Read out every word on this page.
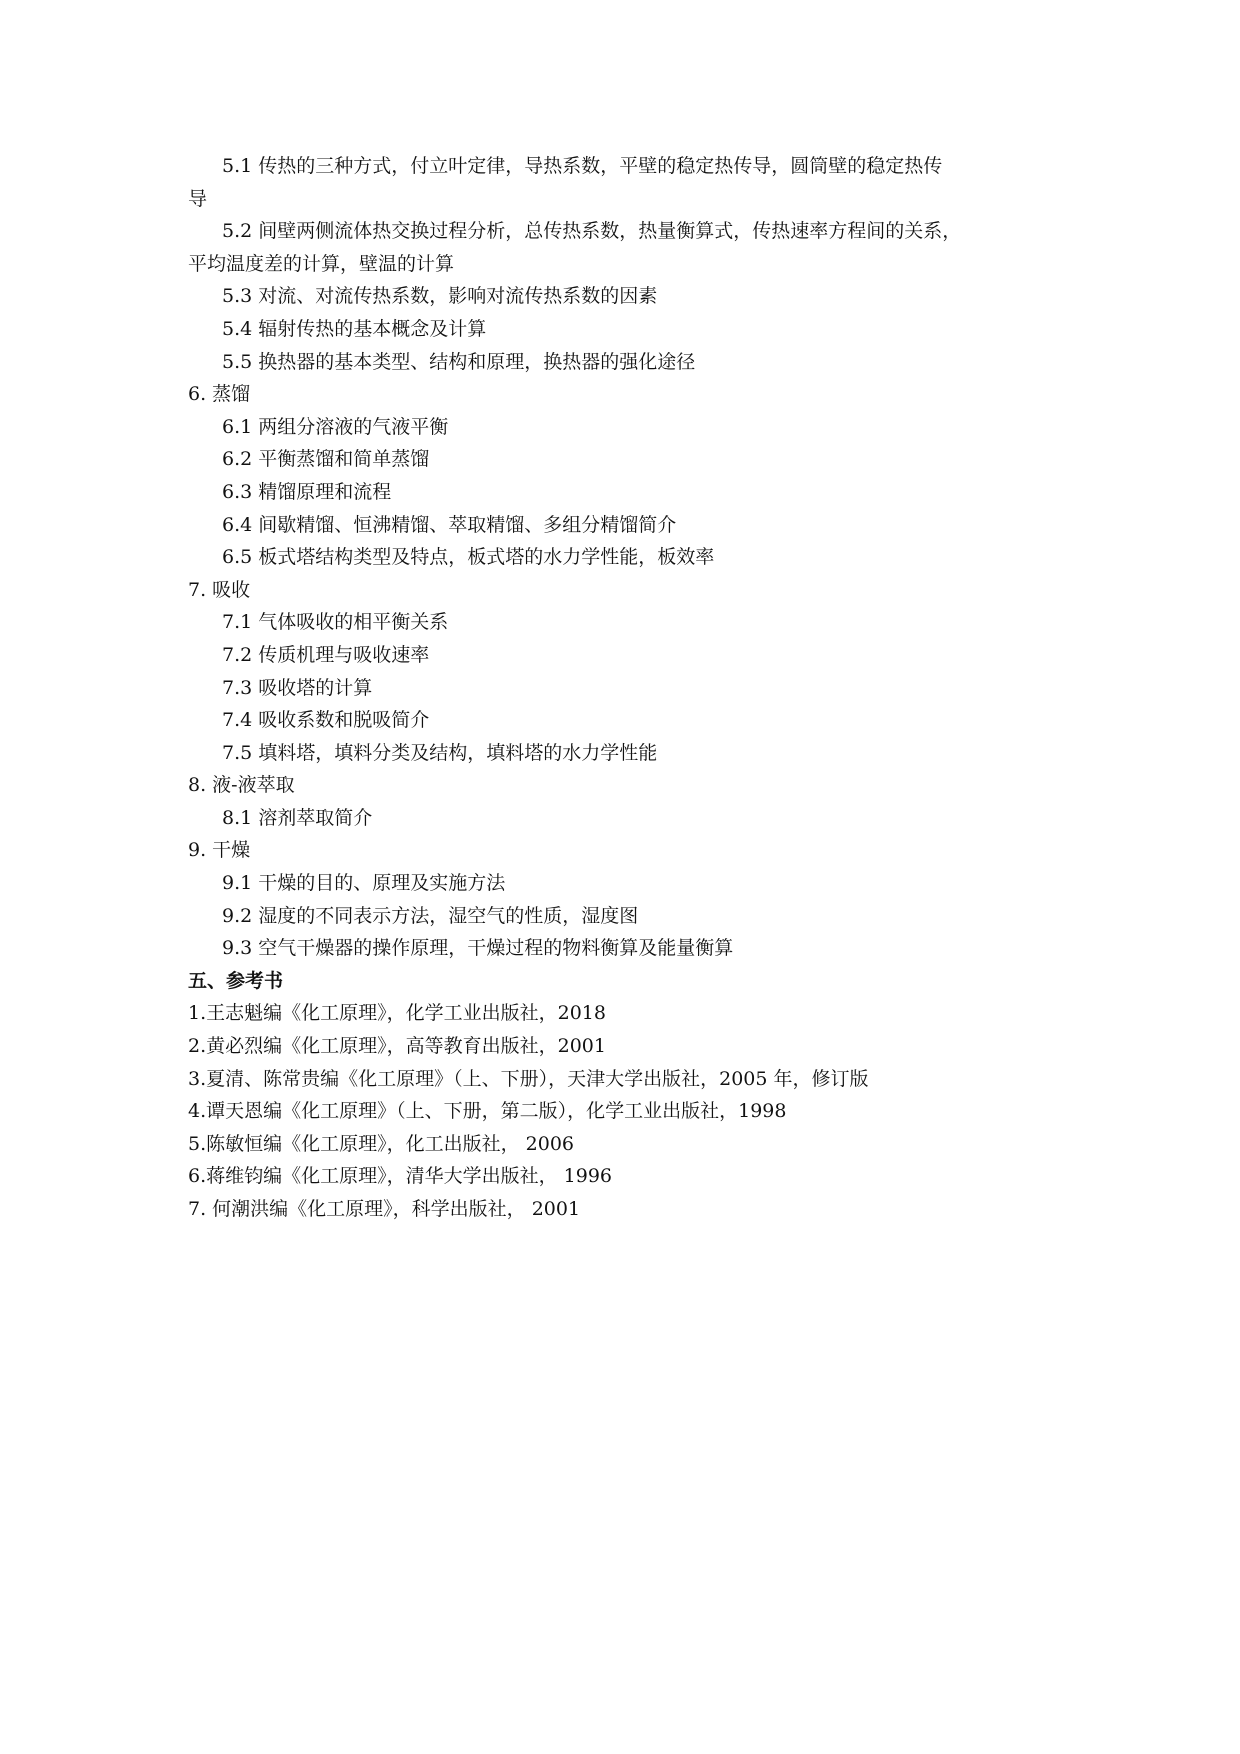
5.1 传热的三种方式，付立叶定律，导热系数，平壁的稳定热传导，圆筒壁的稳定热传
导
5.2 间壁两侧流体热交换过程分析，总传热系数，热量衡算式，传热速率方程间的关系，
平均温度差的计算，壁温的计算
5.3 对流、对流传热系数，影响对流传热系数的因素
5.4 辐射传热的基本概念及计算
5.5 换热器的基本类型、结构和原理，换热器的强化途径
6. 蒸馏
6.1 两组分溶液的气液平衡
6.2 平衡蒸馏和简单蒸馏
6.3 精馏原理和流程
6.4 间歇精馏、恒沸精馏、萃取精馏、多组分精馏简介
6.5 板式塔结构类型及特点，板式塔的水力学性能，板效率
7. 吸收
7.1 气体吸收的相平衡关系
7.2 传质机理与吸收速率
7.3 吸收塔的计算
7.4 吸收系数和脱吸简介
7.5 填料塔，填料分类及结构，填料塔的水力学性能
8. 液-液萃取
8.1 溶剂萃取简介
9. 干燥
9.1 干燥的目的、原理及实施方法
9.2 湿度的不同表示方法，湿空气的性质，湿度图
9.3 空气干燥器的操作原理，干燥过程的物料衡算及能量衡算
五、参考书
1.王志魁编《化工原理》，化学工业出版社，2018
2.黄必烈编《化工原理》，高等教育出版社，2001
3.夏清、陈常贵编《化工原理》（上、下册），天津大学出版社，2005 年，修订版
4.谭天恩编《化工原理》（上、下册，第二版），化学工业出版社，1998
5.陈敏恒编《化工原理》，化工出版社， 2006
6.蒋维钧编《化工原理》，清华大学出版社， 1996
7. 何潮洪编《化工原理》，科学出版社， 2001
